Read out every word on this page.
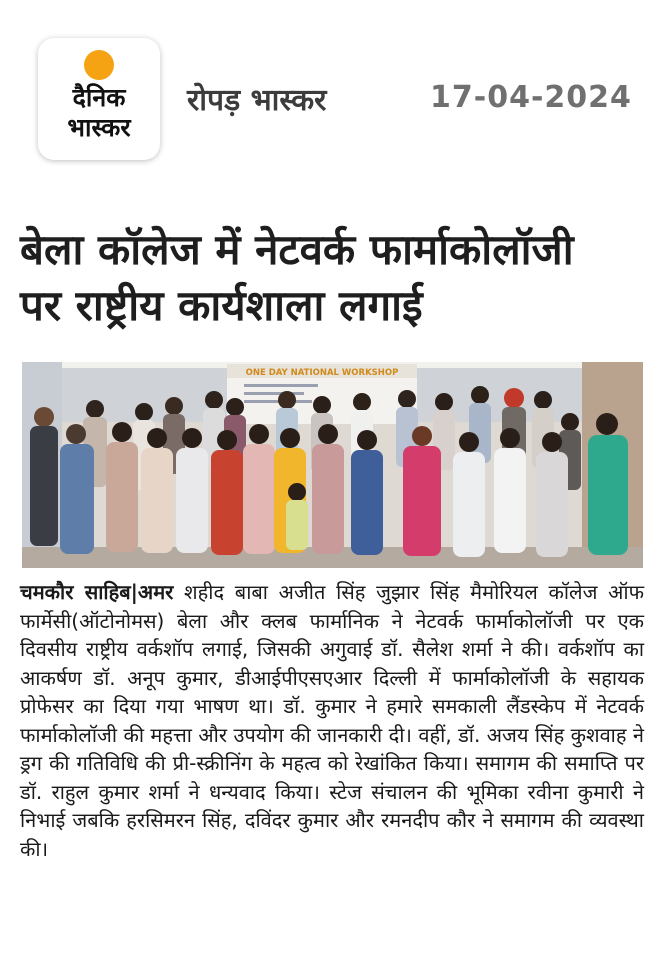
दैनिक
भास्कर
रोपड़ भास्कर	17-04-2024
बेला कॉलेज में नेटवर्क फार्माकोलॉजी
पर राष्ट्रीय कार्यशाला लगाई
ONE DAY NATIONAL WORKSHOP
चमकौर साहिब|अमर शहीद बाबा अजीत सिंह जुझार सिंह मैमोरियल कॉलेज ऑफ फार्मेसी(ऑटोनोमस) बेला और क्लब फार्मानिक ने नेटवर्क फार्माकोलॉजी पर एक दिवसीय राष्ट्रीय वर्कशॉप लगाई, जिसकी अगुवाई डॉ. सैलेश शर्मा ने की। वर्कशॉप का आकर्षण डॉ. अनूप कुमार, डीआईपीएसएआर दिल्ली में फार्माकोलॉजी के सहायक प्रोफेसर का दिया गया भाषण था। डॉ. कुमार ने हमारे समकाली लैंडस्केप में नेटवर्क फार्माकोलॉजी की महत्ता और उपयोग की जानकारी दी। वहीं, डॉ. अजय सिंह कुशवाह ने ड्रग की गतिविधि की प्री-स्क्रीनिंग के महत्व को रेखांकित किया। समागम की समाप्ति पर डॉ. राहुल कुमार शर्मा ने धन्यवाद किया। स्टेज संचालन की भूमिका रवीना कुमारी ने निभाई जबकि हरसिमरन सिंह, दविंदर कुमार और रमनदीप कौर ने समागम की व्यवस्था की।
